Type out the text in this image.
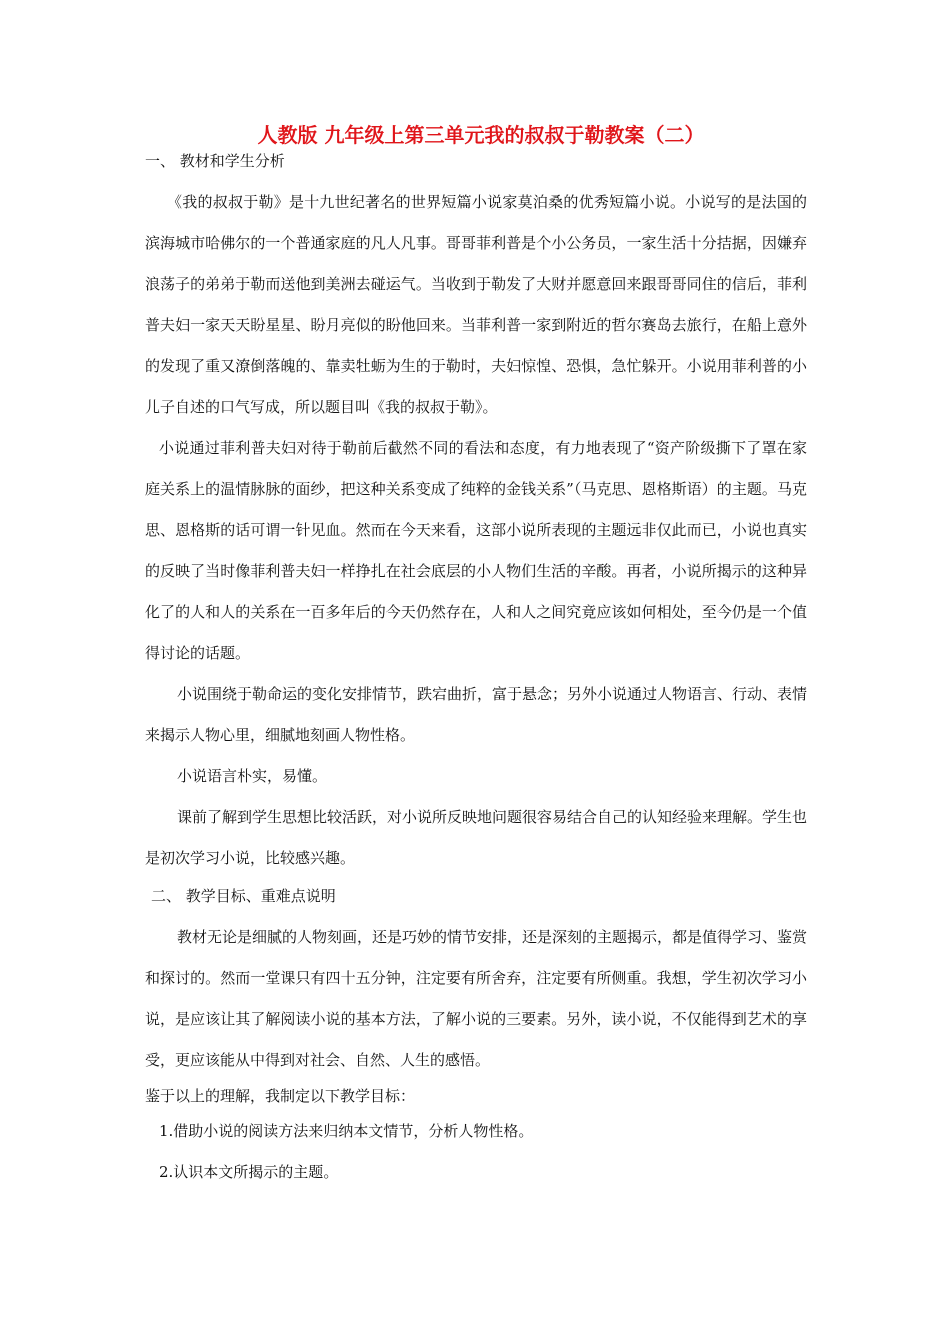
人教版 九年级上第三单元我的叔叔于勒教案（二）

一、 教材和学生分析

《我的叔叔于勒》是十九世纪著名的世界短篇小说家莫泊桑的优秀短篇小说。小说写的是法国的滨海城市哈佛尔的一个普通家庭的凡人凡事。哥哥菲利普是个小公务员，一家生活十分拮据，因嫌弃浪荡子的弟弟于勒而送他到美洲去碰运气。当收到于勒发了大财并愿意回来跟哥哥同住的信后，菲利普夫妇一家天天盼星星、盼月亮似的盼他回来。当菲利普一家到附近的哲尔赛岛去旅行，在船上意外的发现了重又潦倒落魄的、靠卖牡蛎为生的于勒时，夫妇惊惶、恐惧，急忙躲开。小说用菲利普的小儿子自述的口气写成，所以题目叫《我的叔叔于勒》。

小说通过菲利普夫妇对待于勒前后截然不同的看法和态度，有力地表现了“资产阶级撕下了罩在家庭关系上的温情脉脉的面纱，把这种关系变成了纯粹的金钱关系”（马克思、恩格斯语）的主题。马克思、恩格斯的话可谓一针见血。然而在今天来看，这部小说所表现的主题远非仅此而已，小说也真实的反映了当时像菲利普夫妇一样挣扎在社会底层的小人物们生活的辛酸。再者，小说所揭示的这种异化了的人和人的关系在一百多年后的今天仍然存在，人和人之间究竟应该如何相处，至今仍是一个值得讨论的话题。

小说围绕于勒命运的变化安排情节，跌宕曲折，富于悬念；另外小说通过人物语言、行动、表情来揭示人物心里，细腻地刻画人物性格。

小说语言朴实，易懂。

课前了解到学生思想比较活跃，对小说所反映地问题很容易结合自己的认知经验来理解。学生也是初次学习小说，比较感兴趣。

二、 教学目标、重难点说明

教材无论是细腻的人物刻画，还是巧妙的情节安排，还是深刻的主题揭示，都是值得学习、鉴赏和探讨的。然而一堂课只有四十五分钟，注定要有所舍弃，注定要有所侧重。我想，学生初次学习小说，是应该让其了解阅读小说的基本方法，了解小说的三要素。另外，读小说，不仅能得到艺术的享受，更应该能从中得到对社会、自然、人生的感悟。

鉴于以上的理解，我制定以下教学目标：

1.借助小说的阅读方法来归纳本文情节，分析人物性格。

2.认识本文所揭示的主题。
